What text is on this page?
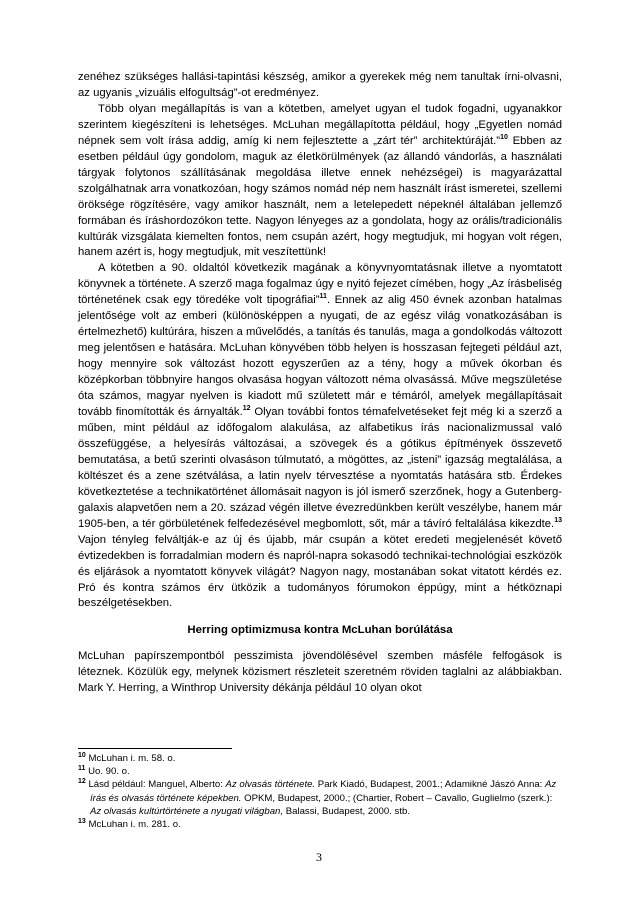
zenéhez szükséges hallási-tapintási készség, amikor a gyerekek még nem tanultak írni-olvasni, az ugyanis „vizuális elfogultság”-ot eredményez.

Több olyan megállapítás is van a kötetben, amelyet ugyan el tudok fogadni, ugyanakkor szerintem kiegészíteni is lehetséges. McLuhan megállapította például, hogy „Egyetlen nomád népnek sem volt írása addig, amíg ki nem fejlesztette a „zárt tér” architektúráját.”$^{10}$ Ebben az esetben például úgy gondolom, maguk az életkörülmények (az állandó vándorlás, a használati tárgyak folytonos szállításának megoldása illetve ennek nehézségei) is magyarázattal szolgálhatnak arra vonatkozóan, hogy számos nomád nép nem használt írást ismeretei, szellemi öröksége rögzítésére, vagy amikor használt, nem a letelepedett népeknél általában jellemző formában és íráshordozókon tette. Nagyon lényeges az a gondolata, hogy az orális/tradicionális kultúrák vizsgálata kiemelten fontos, nem csupán azért, hogy megtudjuk, mi hogyan volt régen, hanem azért is, hogy megtudjuk, mit veszítettünk!

A kötetben a 90. oldaltól következik magának a könyvnyomtatásnak illetve a nyomtatott könyvnek a története. A szerző maga fogalmaz úgy e nyitó fejezet címében, hogy „Az írásbeliség történetének csak egy töredéke volt tipográfiai”$^{11}$. Ennek az alig 450 évnek azonban hatalmas jelentősége volt az emberi (különösképpen a nyugati, de az egész világ vonatkozásában is értelmezhető) kultúrára, hiszen a művelődés, a tanítás és tanulás, maga a gondolkodás változott meg jelentősen e hatására. McLuhan könyvében több helyen is hosszasan fejtegeti például azt, hogy mennyire sok változást hozott egyszerűen az a tény, hogy a művek ókorban és középkorban többnyire hangos olvasása hogyan változott néma olvasássá. Műve megszületése óta számos, magyar nyelven is kiadott mű született már e témáról, amelyek megállapításait tovább finomították és árnyalták.$^{12}$ Olyan további fontos témafelvetéseket fejt még ki a szerző a műben, mint például az időfogalom alakulása, az alfabetikus írás nacionalizmussal való összefüggése, a helyesírás változásai, a szövegek és a gótikus építmények összevető bemutatása, a betű szerinti olvasáson túlmutató, a mögöttes, az „isteni” igazság megtalálása, a költészet és a zene szétválása, a latin nyelv térvesztése a nyomtatás hatására stb. Érdekes következtetése a technikatörténet állomásait nagyon is jól ismerő szerzőnek, hogy a Gutenberg-galaxis alapvetően nem a 20. század végén illetve évezredünkben került veszélybe, hanem már 1905-ben, a tér görbületének felfedezésével megbomlott, sőt, már a távíró feltalálása kikezdte.$^{13}$ Vajon tényleg felváltják-e az új és újabb, már csupán a kötet eredeti megjelenését követő évtizedekben is forradalmian modern és napról-napra sokasodó technikai-technológiai eszközök és eljárások a nyomtatott könyvek világát? Nagyon nagy, mostanában sokat vitatott kérdés ez. Pró és kontra számos érv ütközik a tudományos fórumokon éppúgy, mint a hétköznapi beszélgetésekben.

Herring optimizmusa kontra McLuhan borúlátása

McLuhan papírszempontból pesszimista jövendölésével szemben másféle felfogások is léteznek. Közülük egy, melynek közismert részleteit szeretném röviden taglalni az alábbiakban. Mark Y. Herring, a Winthrop University dékánja például 10 olyan okot

$^{10}$ McLuhan i. m. 58. o.

$^{11}$ Uo. 90. o.

$^{12}$ Lásd például: Manguel, Alberto: Az olvasás története. Park Kiadó, Budapest, 2001.; Adamikné Jászó Anna: Az írás és olvasás története képekben. OPKM, Budapest, 2000.; (Chartier, Robert – Cavallo, Guglielmo (szerk.): Az olvasás kultúrtörténete a nyugati világban, Balassi, Budapest, 2000. stb.

$^{13}$ McLuhan i. m. 281. o.

3
